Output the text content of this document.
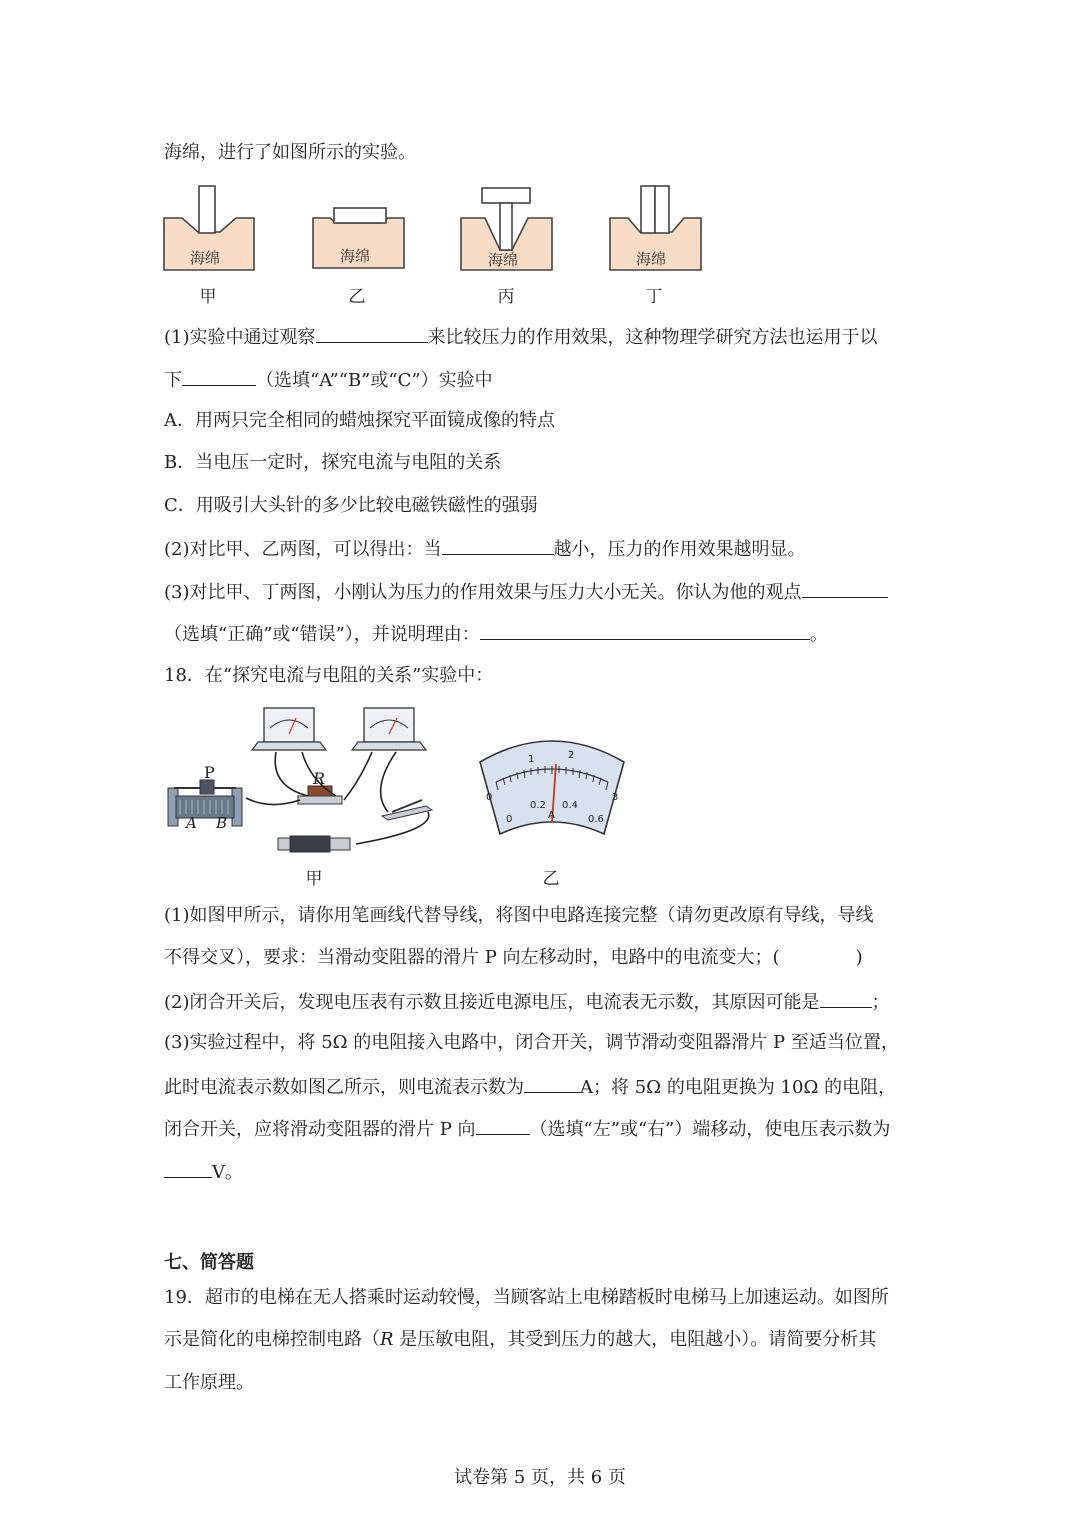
海绵，进行了如图所示的实验。
海绵	海绵	海绵	海绵
甲	乙	丙	丁
(1)实验中通过观察	来比较压力的作用效果，这种物理学研究方法也运用于以
下	（选填“A”“B”或“C”）实验中
A．用两只完全相同的蜡烛探究平面镜成像的特点
B．当电压一定时，探究电流与电阻的关系
C．用吸引大头针的多少比较电磁铁磁性的强弱
(2)对比甲、乙两图，可以得出：当	越小，压力的作用效果越明显。
(3)对比甲、丁两图，小刚认为压力的作用效果与压力大小无关。你认为他的观点
（选填“正确”或“错误”），并说明理由：	。
18．在“探究电流与电阻的关系”实验中：
P
A B
R
0
1	2
3
0
0.2 0.4
0.6
A
甲	乙
(1)如图甲所示，请你用笔画线代替导线，将图中电路连接完整（请勿更改原有导线，导线
不得交叉），要求：当滑动变阻器的滑片 P 向左移动时，电路中的电流变大；(	)
(2)闭合开关后，发现电压表有示数且接近电源电压，电流表无示数，其原因可能是	；
(3)实验过程中，将 5Ω 的电阻接入电路中，闭合开关，调节滑动变阻器滑片 P 至适当位置，
此时电流表示数如图乙所示，则电流表示数为	A；将 5Ω 的电阻更换为 10Ω 的电阻，
闭合开关，应将滑动变阻器的滑片 P 向	（选填“左”或“右”）端移动，使电压表示数为
V。
七、简答题
19．超市的电梯在无人搭乘时运动较慢，当顾客站上电梯踏板时电梯马上加速运动。如图所
示是简化的电梯控制电路（R 是压敏电阻，其受到压力的越大，电阻越小）。请简要分析其
工作原理。
试卷第 5 页，共 6 页
